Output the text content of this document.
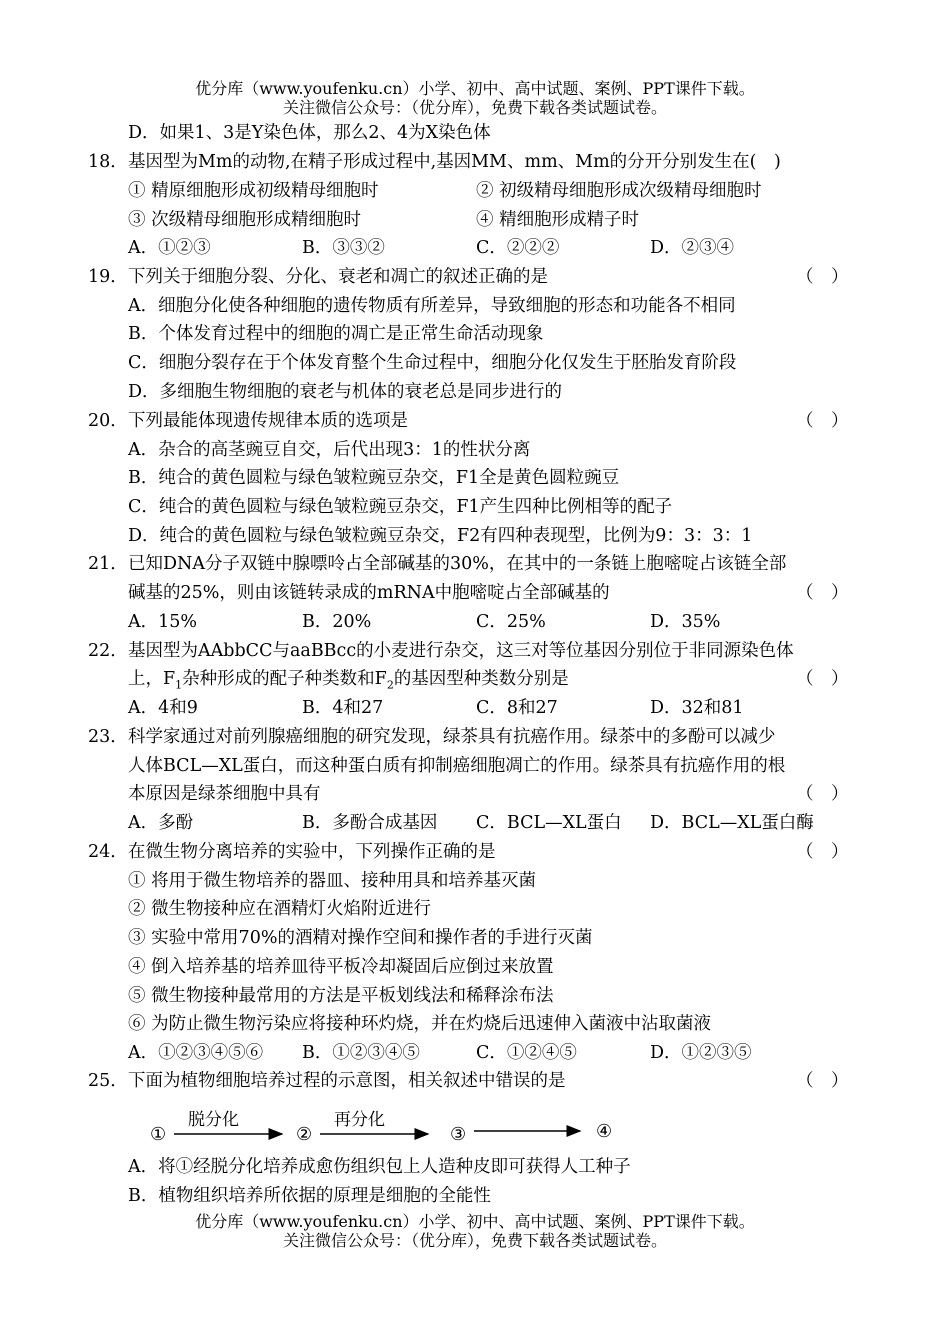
优分库（www.youfenku.cn）小学、初中、高中试题、案例、PPT课件下载。
关注微信公众号：（优分库），免费下载各类试题试卷。
D．如果1、3是Y染色体，那么2、4为X染色体
18． 基因型为Mm的动物,在精子形成过程中,基因MM、mm、Mm的分开分别发生在(　)
① 精原细胞形成初级精母细胞时	② 初级精母细胞形成次级精母细胞时
③ 次级精母细胞形成精细胞时	④ 精细胞形成精子时
A．①②③	B．③③②	C．②②②	D．②③④
19． 下列关于细胞分裂、分化、衰老和凋亡的叙述正确的是	（　）
A．细胞分化使各种细胞的遗传物质有所差异，导致细胞的形态和功能各不相同
B．个体发育过程中的细胞的凋亡是正常生命活动现象
C．细胞分裂存在于个体发育整个生命过程中，细胞分化仅发生于胚胎发育阶段
D．多细胞生物细胞的衰老与机体的衰老总是同步进行的
20． 下列最能体现遗传规律本质的选项是	（　）
A．杂合的高茎豌豆自交，后代出现3：1的性状分离
B．纯合的黄色圆粒与绿色皱粒豌豆杂交，F1全是黄色圆粒豌豆
C．纯合的黄色圆粒与绿色皱粒豌豆杂交，F1产生四种比例相等的配子
D．纯合的黄色圆粒与绿色皱粒豌豆杂交，F2有四种表现型，比例为9：3：3：1
21． 已知DNA分子双链中腺嘌呤占全部碱基的30%，在其中的一条链上胞嘧啶占该链全部
碱基的25%，则由该链转录成的mRNA中胞嘧啶占全部碱基的	（　）
A．15%	B．20%	C．25%	D．35%
22． 基因型为AAbbCC与aaBBcc的小麦进行杂交，这三对等位基因分别位于非同源染色体
上，$F_1$杂种形成的配子种类数和$F_2$的基因型种类数分别是	（　）
A．4和9	B．4和27	C．8和27	D．32和81
23． 科学家通过对前列腺癌细胞的研究发现，绿茶具有抗癌作用。绿茶中的多酚可以减少
人体BCL—XL蛋白，而这种蛋白质有抑制癌细胞凋亡的作用。绿茶具有抗癌作用的根
本原因是绿茶细胞中具有	（　）
A．多酚	B．多酚合成基因 C．BCL—XL蛋白 D．BCL—XL蛋白酶
24． 在微生物分离培养的实验中，下列操作正确的是	（　）
① 将用于微生物培养的器皿、接种用具和培养基灭菌
② 微生物接种应在酒精灯火焰附近进行
③ 实验中常用70%的酒精对操作空间和操作者的手进行灭菌
④ 倒入培养基的培养皿待平板冷却凝固后应倒过来放置
⑤ 微生物接种最常用的方法是平板划线法和稀释涂布法
⑥ 为防止微生物污染应将接种环灼烧，并在灼烧后迅速伸入菌液中沾取菌液
A．①②③④⑤⑥ B．①②③④⑤	C．①②④⑤	D．①②③⑤
25． 下面为植物细胞培养过程的示意图，相关叙述中错误的是	（　）
①
脱分化
②
再分化
③	④
A．将①经脱分化培养成愈伤组织包上人造种皮即可获得人工种子
B．植物组织培养所依据的原理是细胞的全能性
优分库（www.youfenku.cn）小学、初中、高中试题、案例、PPT课件下载。
关注微信公众号：（优分库），免费下载各类试题试卷。
